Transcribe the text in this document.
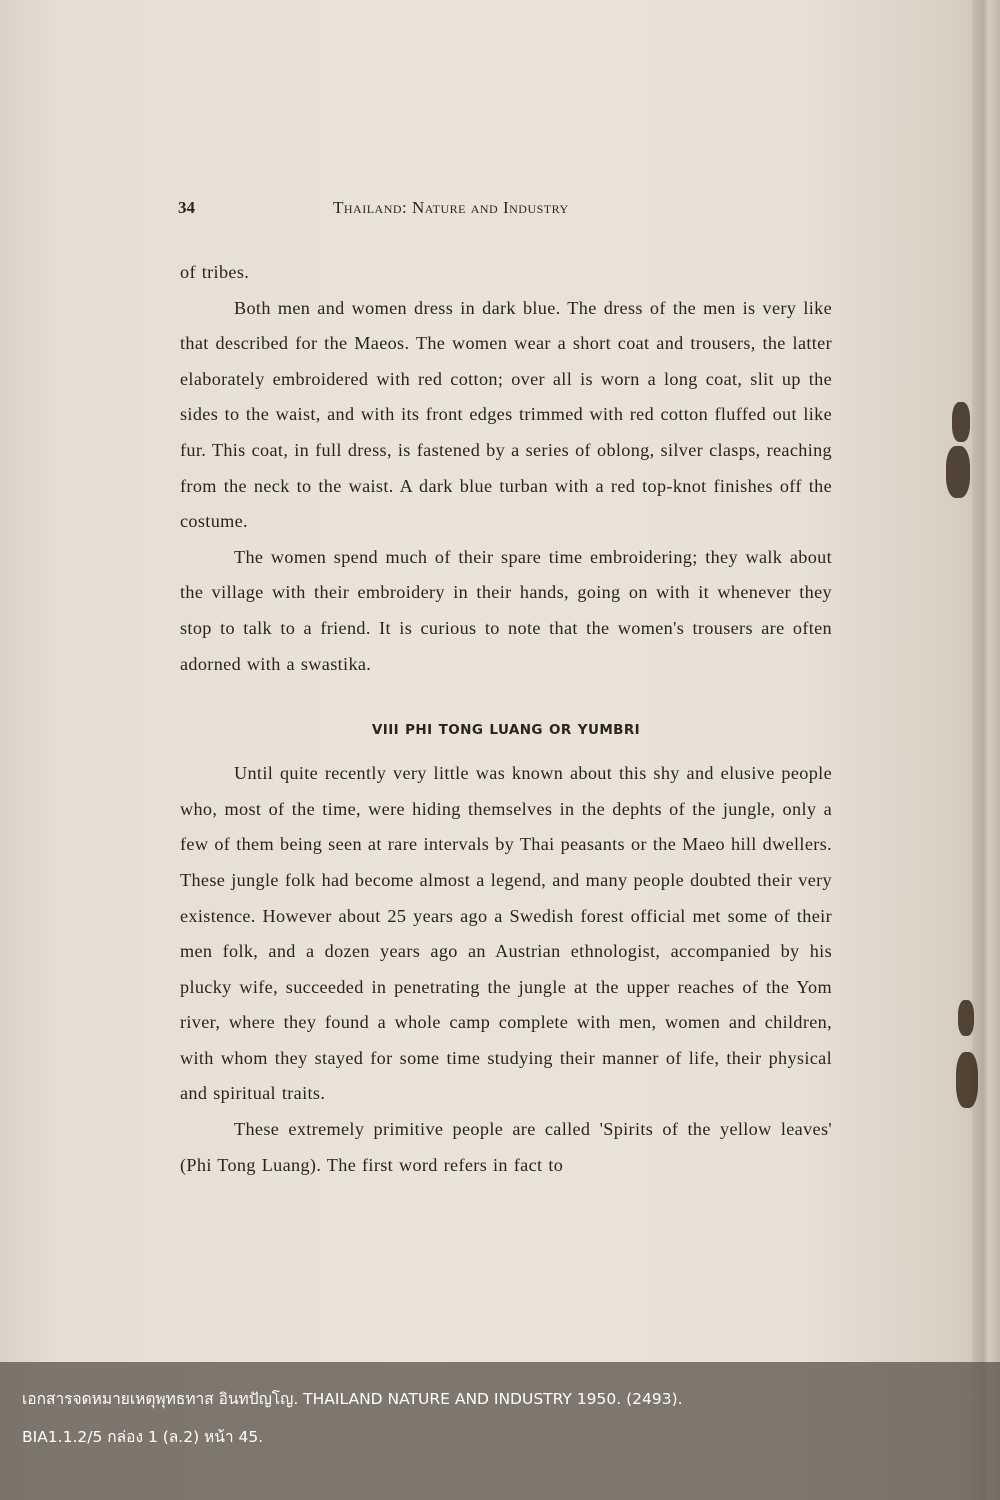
34	Thailand: Nature and Industry

of tribes.

Both men and women dress in dark blue. The dress of the men is very like that described for the Maeos. The women wear a short coat and trousers, the latter elaborately embroidered with red cotton; over all is worn a long coat, slit up the sides to the waist, and with its front edges trimmed with red cotton fluffed out like fur. This coat, in full dress, is fastened by a series of oblong, silver clasps, reaching from the neck to the waist. A dark blue turban with a red top-knot finishes off the costume.

The women spend much of their spare time embroidering; they walk about the village with their embroidery in their hands, going on with it whenever they stop to talk to a friend. It is curious to note that the women's trousers are often adorned with a swastika.

VIII PHI TONG LUANG OR YUMBRI

Until quite recently very little was known about this shy and elusive people who, most of the time, were hiding themselves in the dephts of the jungle, only a few of them being seen at rare intervals by Thai peasants or the Maeo hill dwellers. These jungle folk had become almost a legend, and many people doubted their very existence. However about 25 years ago a Swedish forest official met some of their men folk, and a dozen years ago an Austrian ethnologist, accompanied by his plucky wife, succeeded in penetrating the jungle at the upper reaches of the Yom river, where they found a whole camp complete with men, women and children, with whom they stayed for some time studying their manner of life, their physical and spiritual traits.

These extremely primitive people are called 'Spirits of the yellow leaves' (Phi Tong Luang). The first word refers in fact to

เอกสารจดหมายเหตุพุทธทาส อินทปัญโญ. THAILAND NATURE AND INDUSTRY 1950. (2493).
BIA1.1.2/5 กล่อง 1 (ล.2) หน้า 45.
